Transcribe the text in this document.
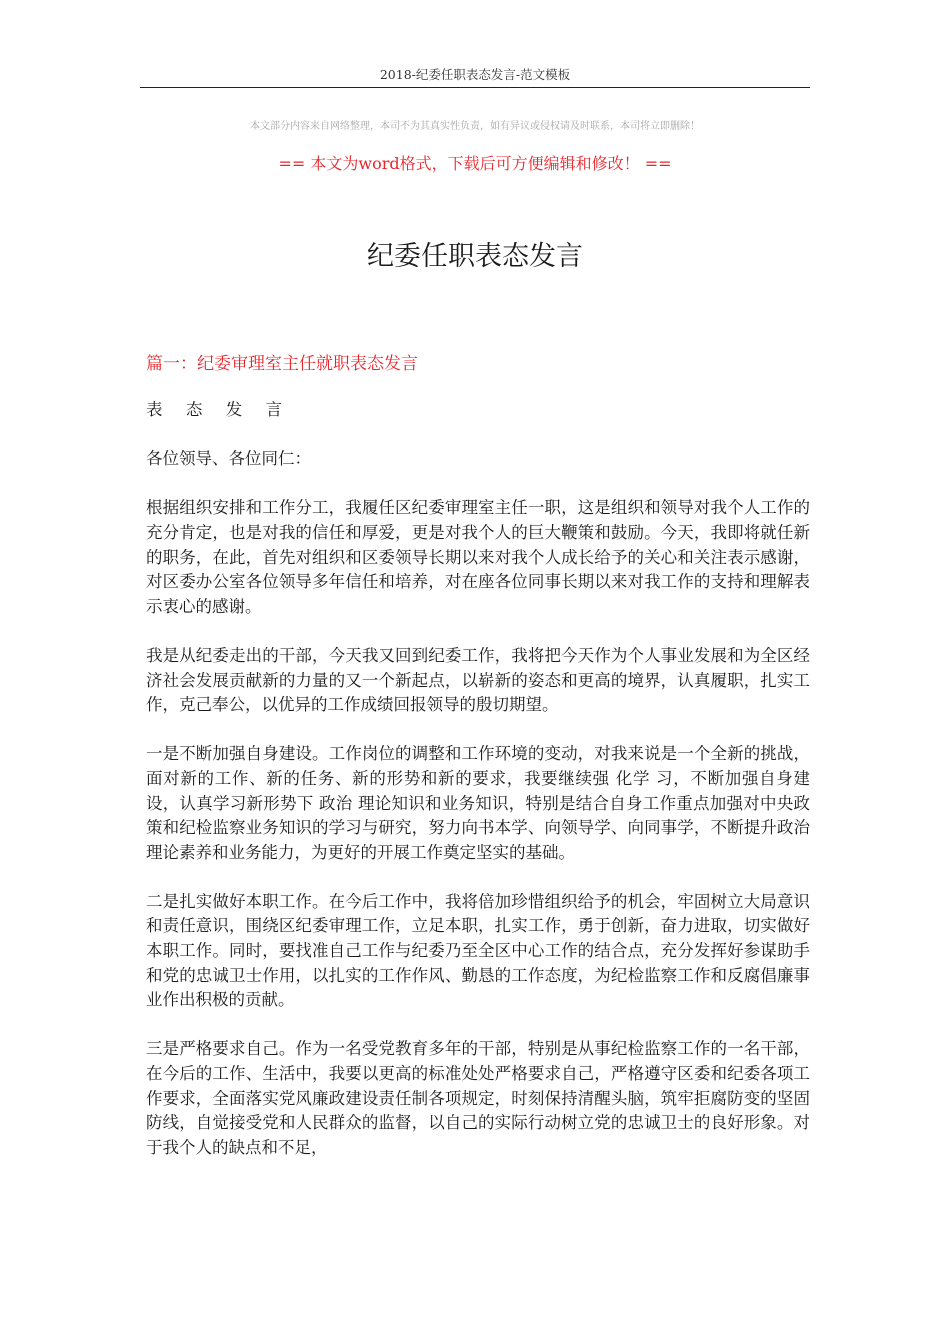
2018-纪委任职表态发言-范文模板
本文部分内容来自网络整理，本司不为其真实性负责，如有异议或侵权请及时联系，本司将立即删除！
== 本文为word格式，下载后可方便编辑和修改！ ==
纪委任职表态发言
篇一：纪委审理室主任就职表态发言

表 态 发 言

各位领导、各位同仁：

根据组织安排和工作分工，我履任区纪委审理室主任一职，这是组织和领导对我个人工作的充分肯定，也是对我的信任和厚爱，更是对我个人的巨大鞭策和鼓励。今天，我即将就任新的职务，在此，首先对组织和区委领导长期以来对我个人成长给予的关心和关注表示感谢，对区委办公室各位领导多年信任和培养，对在座各位同事长期以来对我工作的支持和理解表示衷心的感谢。

我是从纪委走出的干部，今天我又回到纪委工作，我将把今天作为个人事业发展和为全区经济社会发展贡献新的力量的又一个新起点，以崭新的姿态和更高的境界，认真履职，扎实工作，克己奉公，以优异的工作成绩回报领导的殷切期望。

一是不断加强自身建设。工作岗位的调整和工作环境的变动，对我来说是一个全新的挑战，面对新的工作、新的任务、新的形势和新的要求，我要继续强 化学 习，不断加强自身建设，认真学习新形势下 政治 理论知识和业务知识，特别是结合自身工作重点加强对中央政策和纪检监察业务知识的学习与研究，努力向书本学、向领导学、向同事学，不断提升政治理论素养和业务能力，为更好的开展工作奠定坚实的基础。

二是扎实做好本职工作。在今后工作中，我将倍加珍惜组织给予的机会，牢固树立大局意识和责任意识，围绕区纪委审理工作，立足本职，扎实工作，勇于创新，奋力进取，切实做好本职工作。同时，要找准自己工作与纪委乃至全区中心工作的结合点，充分发挥好参谋助手和党的忠诚卫士作用，以扎实的工作作风、勤恳的工作态度，为纪检监察工作和反腐倡廉事业作出积极的贡献。

三是严格要求自己。作为一名受党教育多年的干部，特别是从事纪检监察工作的一名干部，在今后的工作、生活中，我要以更高的标准处处严格要求自己，严格遵守区委和纪委各项工作要求，全面落实党风廉政建设责任制各项规定，时刻保持清醒头脑，筑牢拒腐防变的坚固防线，自觉接受党和人民群众的监督，以自己的实际行动树立党的忠诚卫士的良好形象。对于我个人的缺点和不足，
